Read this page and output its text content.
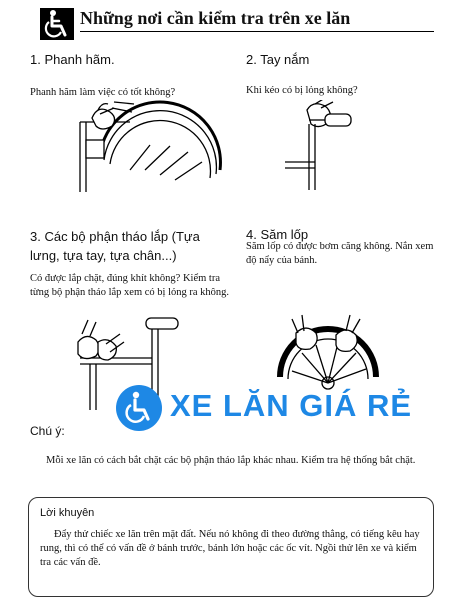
Những nơi cần kiểm tra trên xe lăn
1. Phanh hãm.
Phanh hãm làm việc có tốt không?
2. Tay nắm
Khi kéo có bị lỏng không?
3. Các bộ phận tháo lắp (Tựa lưng, tựa tay, tựa chân...)
Có được lắp chặt, đúng khít không? Kiểm tra từng bộ phận tháo lắp xem có bị lỏng ra không.
4. Săm lốp
Săm lốp có được bơm căng không. Nắn xem độ nẩy của bánh.
Chú ý:
Mỗi xe lăn có cách bắt chặt các bộ phận tháo lắp khác nhau. Kiểm tra hệ thống bắt chặt.
Lời khuyên
Đẩy thử chiếc xe lăn trên mặt đất. Nếu nó không đi theo đường thẳng, có tiếng kêu hay rung, thì có thể có vấn đề ở bánh trước, bánh lớn hoặc các ốc vít. Ngồi thử lên xe và kiểm tra các vấn đề.
XE LĂN GIÁ RẺ
